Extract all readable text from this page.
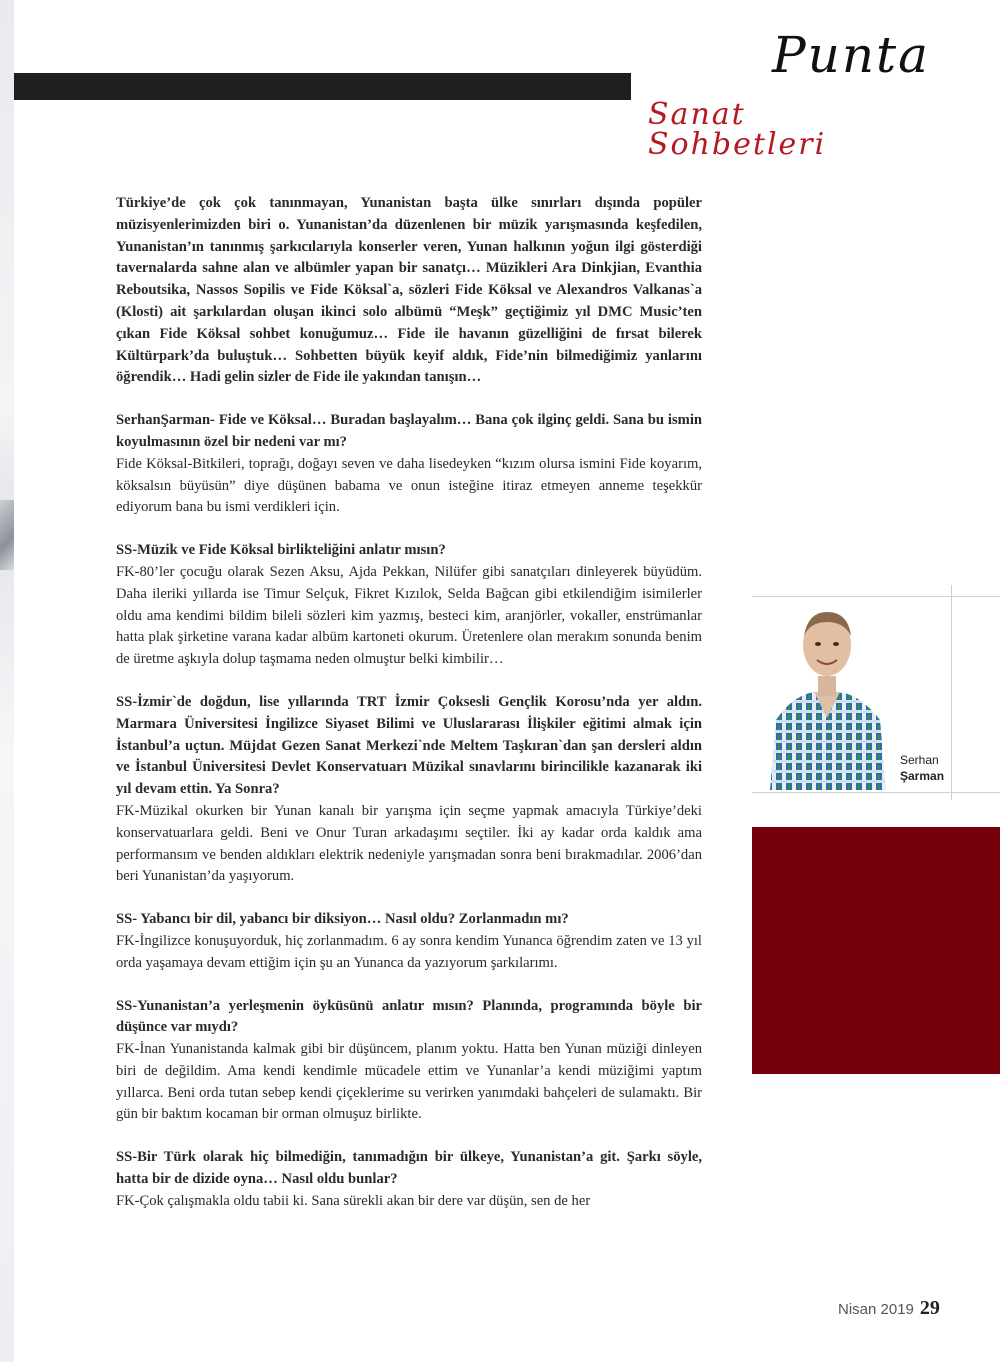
Punta
Sanat Sohbetleri

Türkiye’de çok çok tanınmayan, Yunanistan başta ülke sınırları dışında popüler müzisyenlerimizden biri o. Yunanistan’da düzenlenen bir müzik yarışmasında keşfedilen, Yunanistan’ın tanınmış şarkıcılarıyla konserler veren, Yunan halkının yoğun ilgi gösterdiği tavernalarda sahne alan ve albümler yapan bir sanatçı… Müzikleri Ara Dinkjian, Evanthia Reboutsika, Nassos Sopilis ve Fide Köksal`a, sözleri Fide Köksal ve Alexandros Valkanas`a (Klosti) ait şarkılardan oluşan ikinci solo albümü “Meşk” geçtiğimiz yıl DMC Music’ten çıkan Fide Köksal sohbet konuğumuz… Fide ile havanın güzelliğini de fırsat bilerek Kültürpark’da buluştuk… Sohbetten büyük keyif aldık, Fide’nin bilmediğimiz yanlarını öğrendik… Hadi gelin sizler de Fide ile yakından tanışın…

SerhanŞarman- Fide ve Köksal… Buradan başlayalım… Bana çok ilginç geldi. Sana bu ismin koyulmasının özel bir nedeni var mı?

Fide Köksal-Bitkileri, toprağı, doğayı seven ve daha lisedeyken “kızım olursa ismini Fide koyarım, köksalsın büyüsün” diye düşünen babama ve onun isteğine itiraz etmeyen anneme teşekkür ediyorum bana bu ismi verdikleri için.

SS-Müzik ve Fide Köksal birlikteliğini anlatır mısın?

FK-80’ler çocuğu olarak Sezen Aksu, Ajda Pekkan, Nilüfer gibi sanatçıları dinleyerek büyüdüm. Daha ileriki yıllarda ise Timur Selçuk, Fikret Kızılok, Selda Bağcan gibi etkilendiğim isimilerler oldu ama kendimi bildim bileli sözleri kim yazmış, besteci kim, aranjörler, vokaller, enstrümanlar hatta plak şirketine varana kadar albüm kartoneti okurum. Üretenlere olan merakım sonunda benim de üretme aşkıyla dolup taşmama neden olmuştur belki kimbilir…

SS-İzmir`de doğdun, lise yıllarında TRT İzmir Çoksesli Gençlik Korosu’nda yer aldın. Marmara Üniversitesi İngilizce Siyaset Bilimi ve Uluslararası İlişkiler eğitimi almak için İstanbul’a uçtun. Müjdat Gezen Sanat Merkezi`nde Meltem Taşkıran`dan şan dersleri aldın ve İstanbul Üniversitesi Devlet Konservatuarı Müzikal sınavlarını birincilikle kazanarak iki yıl devam ettin. Ya Sonra?

FK-Müzikal okurken bir Yunan kanalı bir yarışma için seçme yapmak amacıyla Türkiye’deki konservatuarlara geldi. Beni ve Onur Turan arkadaşımı seçtiler. İki ay kadar orda kaldık ama performansım ve benden aldıkları elektrik nedeniyle yarışmadan sonra beni bırakmadılar. 2006’dan beri Yunanistan’da yaşıyorum.

SS- Yabancı bir dil, yabancı bir diksiyon… Nasıl oldu? Zorlanmadın mı?

FK-İngilizce konuşuyorduk, hiç zorlanmadım. 6 ay sonra kendim Yunanca öğrendim zaten ve 13 yıl orda yaşamaya devam ettiğim için şu an Yunanca da yazıyorum şarkılarımı.

SS-Yunanistan’a yerleşmenin öyküsünü anlatır mısın? Planında, programında böyle bir düşünce var mıydı?

FK-İnan Yunanistanda kalmak gibi bir düşüncem, planım yoktu. Hatta ben Yunan müziği dinleyen biri de değildim. Ama kendi kendimle mücadele ettim ve Yunanlar’a kendi müziğimi yaptım yıllarca. Beni orda tutan sebep kendi çiçeklerime su verirken yanımdaki bahçeleri de sulamaktı. Bir gün bir baktım kocaman bir orman olmuşuz birlikte.

SS-Bir Türk olarak hiç bilmediğin, tanımadığın bir ülkeye, Yunanistan’a git. Şarkı söyle, hatta bir de dizide oyna… Nasıl oldu bunlar?

FK-Çok çalışmakla oldu tabii ki. Sana sürekli akan bir dere var düşün, sen de her

Serhan
Şarman
Nisan 2019 29
